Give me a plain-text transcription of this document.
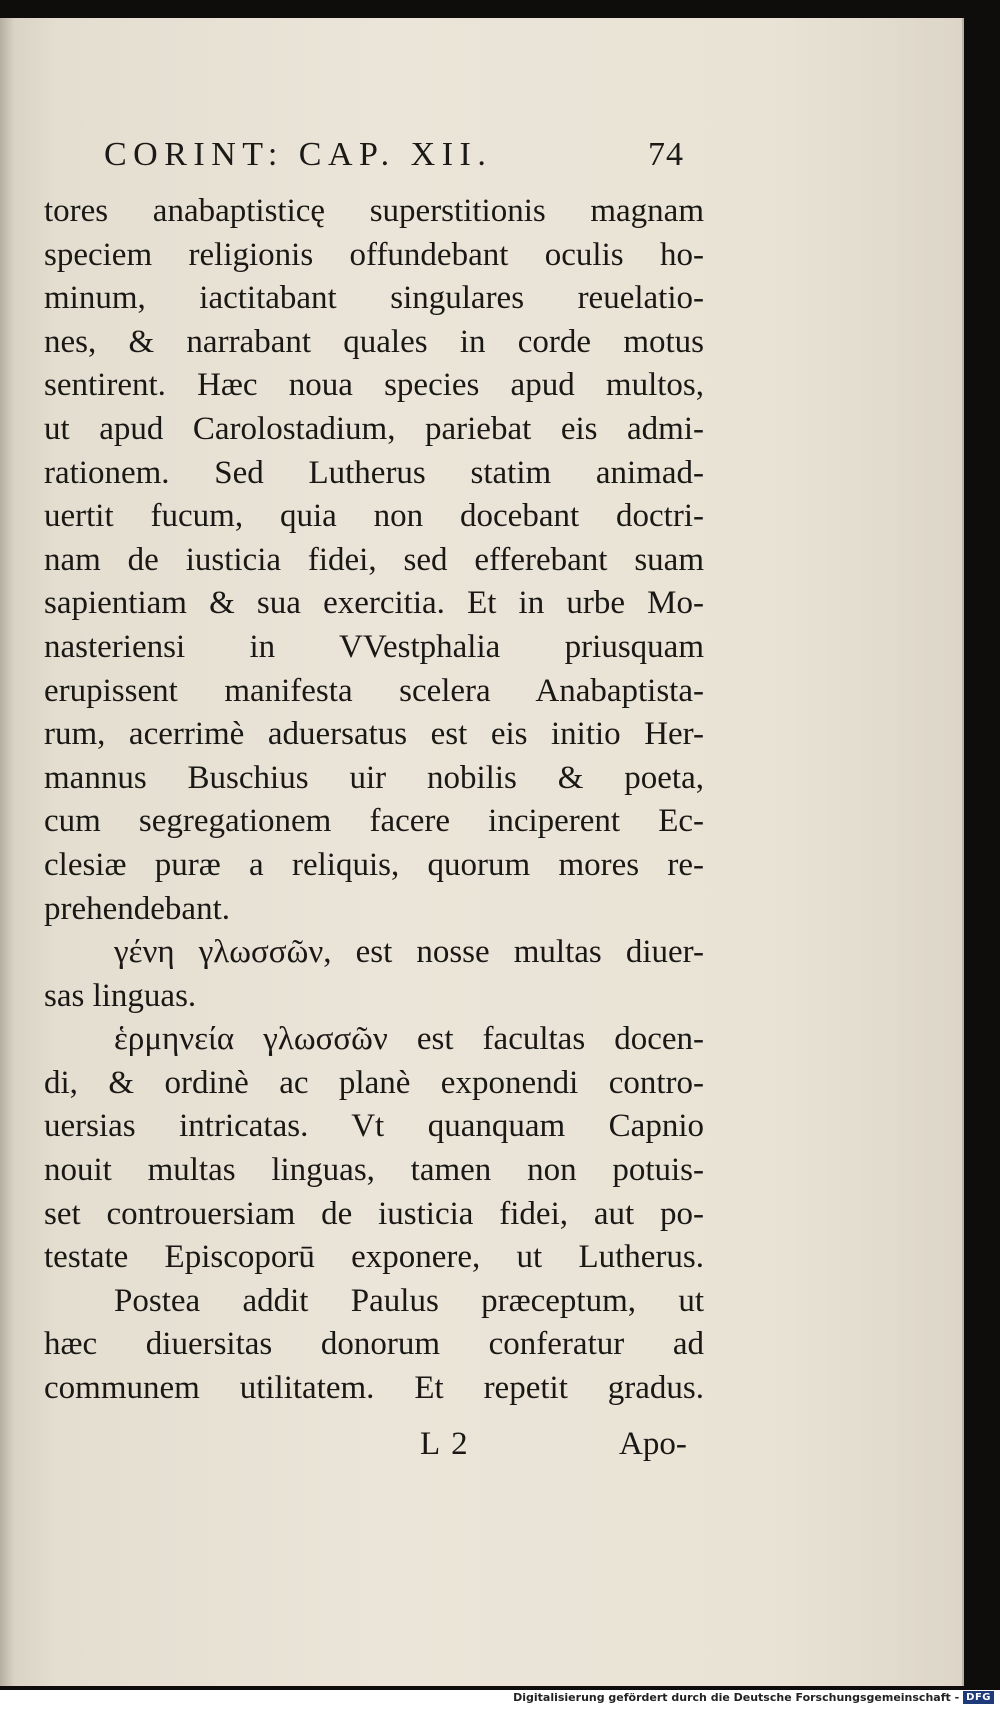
CORINT: CAP. XII.	74
tores anabaptisticę superstitionis magnam
speciem religionis offundebant oculis ho-
minum, iactitabant singulares reuelatio-
nes, & narrabant quales in corde motus
sentirent. Hæc noua species apud multos,
ut apud Carolostadium, pariebat eis admi-
rationem. Sed Lutherus statim animad-
uertit fucum, quia non docebant doctri-
nam de iusticia fidei, sed efferebant suam
sapientiam & sua exercitia. Et in urbe Mo-
nasteriensi in VVestphalia priusquam
erupissent manifesta scelera Anabaptista-
rum, acerrimè aduersatus est eis initio Her-
mannus Buschius uir nobilis & poeta,
cum segregationem facere inciperent Ec-
clesiæ puræ a reliquis, quorum mores re-
prehendebant.
γένη γλωσσῶν, est nosse multas diuer-
sas linguas.
ἑρμηνεία γλωσσῶν est facultas docen-
di, & ordinè ac planè exponendi contro-
uersias intricatas. Vt quanquam Capnio
nouit multas linguas, tamen non potuis-
set controuersiam de iusticia fidei, aut po-
testate Episcoporū exponere, ut Lutherus.
Postea addit Paulus præceptum, ut
hæc diuersitas donorum conferatur ad
communem utilitatem. Et repetit gradus.
L 2	Apo-
Digitalisierung gefördert durch die Deutsche Forschungsgemeinschaft - DFG
